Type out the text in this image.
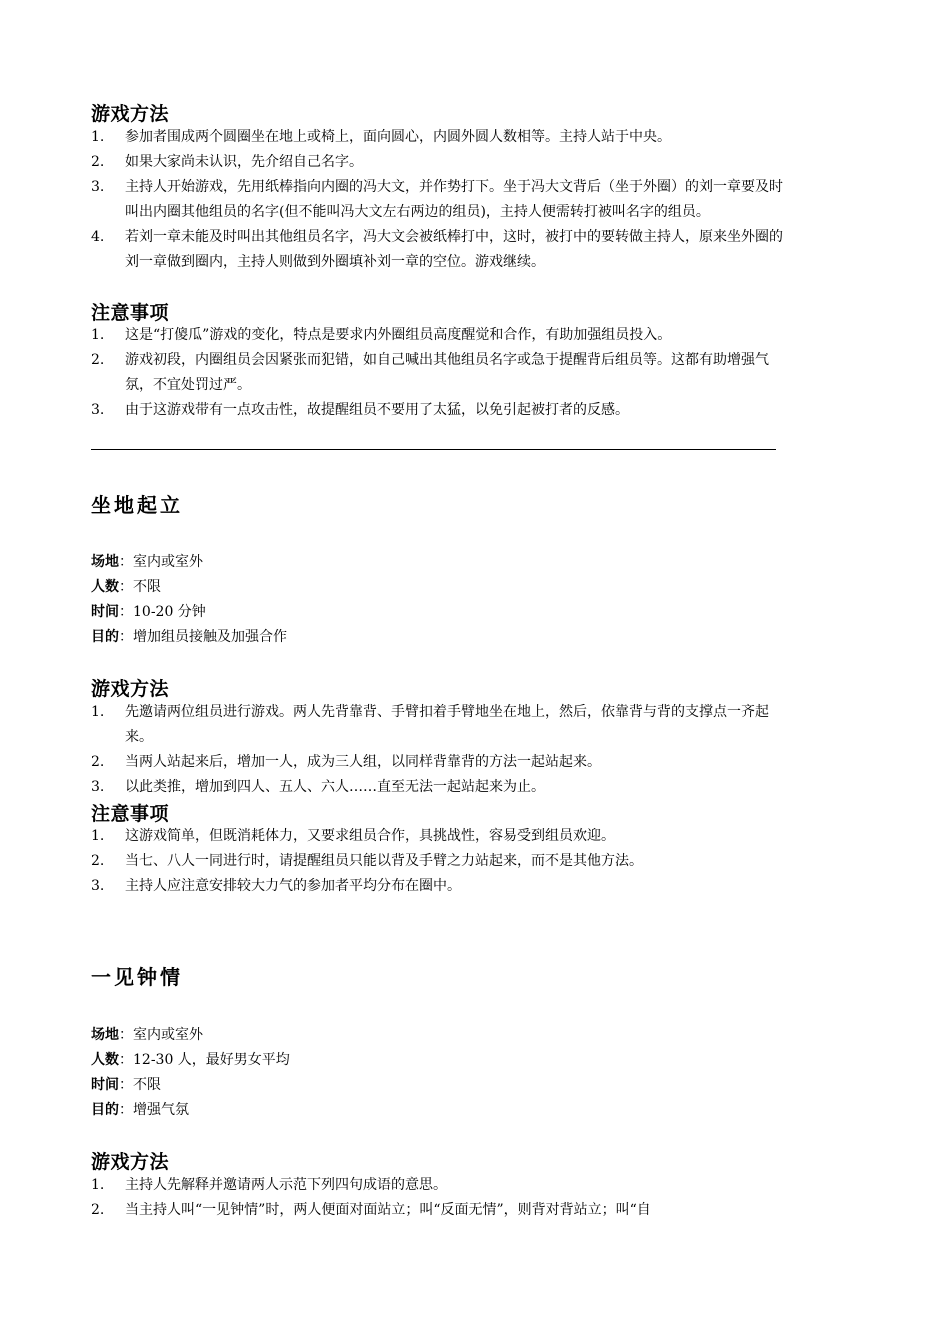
游戏方法
1.	参加者围成两个圆圈坐在地上或椅上，面向圆心，内圆外圆人数相等。主持人站于中央。
2.	如果大家尚未认识，先介绍自己名字。
3.	主持人开始游戏，先用纸棒指向内圈的冯大文，并作势打下。坐于冯大文背后（坐于外圈）的刘一章要及时叫出内圈其他组员的名字(但不能叫冯大文左右两边的组员)，主持人便需转打被叫名字的组员。
4.	若刘一章未能及时叫出其他组员名字，冯大文会被纸棒打中，这时，被打中的要转做主持人，原来坐外圈的刘一章做到圈内，主持人则做到外圈填补刘一章的空位。游戏继续。
注意事项
1.	这是“打傻瓜”游戏的变化，特点是要求内外圈组员高度醒觉和合作，有助加强组员投入。
2.	游戏初段，内圈组员会因紧张而犯错，如自己喊出其他组员名字或急于提醒背后组员等。这都有助增强气氛，不宜处罚过严。
3.	由于这游戏带有一点攻击性，故提醒组员不要用了太猛，以免引起被打者的反感。
坐地起立
场地：室内或室外
人数：不限
时间：10-20 分钟
目的：增加组员接触及加强合作
游戏方法
1.	先邀请两位组员进行游戏。两人先背靠背、手臂扣着手臂地坐在地上，然后，依靠背与背的支撑点一齐起来。
2.	当两人站起来后，增加一人，成为三人组，以同样背靠背的方法一起站起来。
3.	以此类推，增加到四人、五人、六人……直至无法一起站起来为止。
注意事项
1.	这游戏简单，但既消耗体力，又要求组员合作，具挑战性，容易受到组员欢迎。
2.	当七、八人一同进行时，请提醒组员只能以背及手臂之力站起来，而不是其他方法。
3.	主持人应注意安排较大力气的参加者平均分布在圈中。
一见钟情
场地：室内或室外
人数：12-30 人，最好男女平均
时间：不限
目的：增强气氛
游戏方法
1.	主持人先解释并邀请两人示范下列四句成语的意思。
2.	当主持人叫“一见钟情”时，两人便面对面站立；叫“反面无情”，则背对背站立；叫“自
